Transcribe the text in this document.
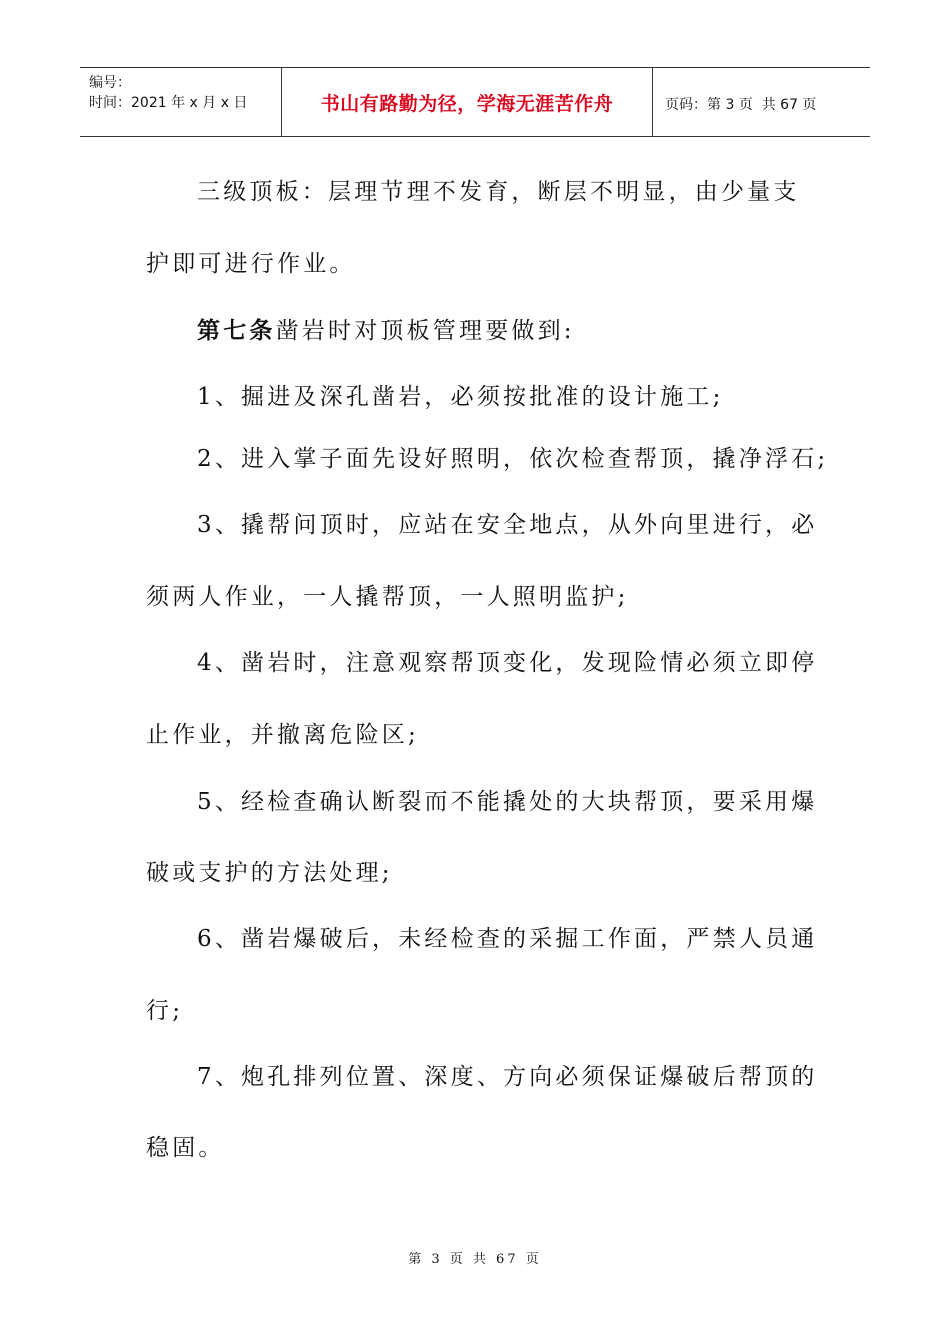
编号：
时间：2021 年 x 月 x 日	书山有路勤为径，学海无涯苦作舟	页码：第 3 页  共 67 页
三级顶板：层理节理不发育，断层不明显，由少量支
护即可进行作业。
第七条凿岩时对顶板管理要做到:
1、掘进及深孔凿岩，必须按批准的设计施工;
2、进入掌子面先设好照明，依次检查帮顶，撬净浮石;
3、撬帮问顶时，应站在安全地点，从外向里进行，必
须两人作业，一人撬帮顶，一人照明监护;
4、凿岩时，注意观察帮顶变化，发现险情必须立即停
止作业，并撤离危险区;
5、经检查确认断裂而不能撬处的大块帮顶，要采用爆
破或支护的方法处理;
6、凿岩爆破后，未经检查的采掘工作面，严禁人员通
行;
7、炮孔排列位置、深度、方向必须保证爆破后帮顶的
稳固。
第 3 页 共 67 页
